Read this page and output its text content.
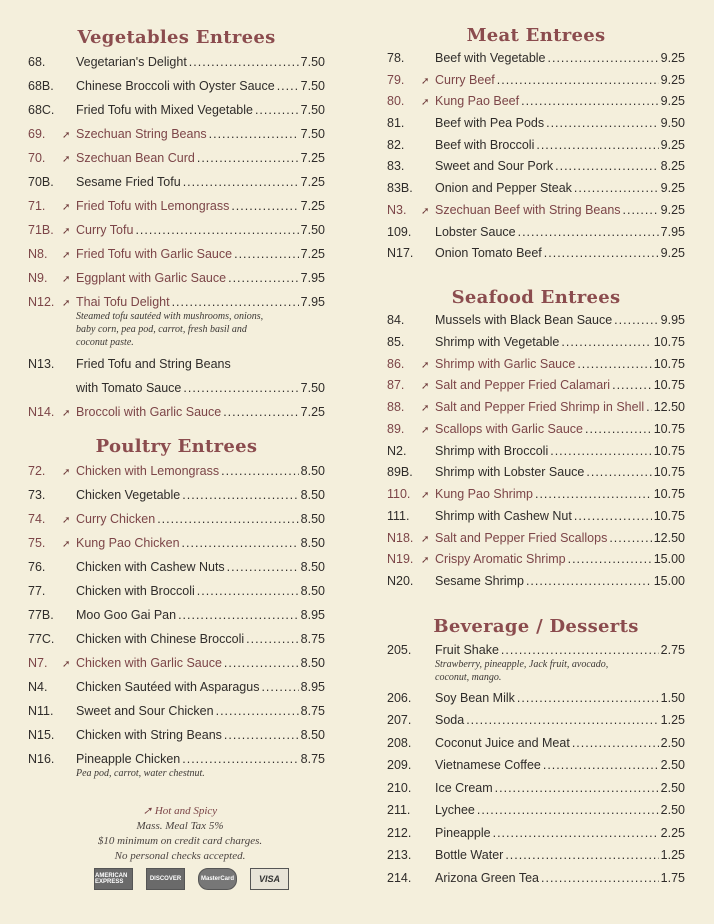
Vegetables Entrees
68.	Vegetarian's Delight .....	7.50
68B.	Chinese Broccoli with Oyster Sauce ..... 7.50
68C.	Fried Tofu with Mixed Vegetable .....	7.50
69.	➚ Szechuan String Beans .....	7.50
70.	➚ Szechuan Bean Curd .....	7.25
70B.	Sesame Fried Tofu .....	7.25
71.	➚ Fried Tofu with Lemongrass .....	7.25
71B. ➚ Curry Tofu .....	7.50
N8.	➚ Fried Tofu with Garlic Sauce .....	7.25
N9.	➚ Eggplant with Garlic Sauce .....	7.95
N12. ➚ Thai Tofu Delight .....	7.95
Steamed tofu sautéed with mushrooms, onions, baby corn, pea pod, carrot, fresh basil and coconut paste.
N13.	Fried Tofu and String Beans
with Tomato Sauce .....	7.50
N14. ➚ Broccoli with Garlic Sauce .....	7.25
Poultry Entrees
72.	➚ Chicken with Lemongrass .....	8.50
73.	Chicken Vegetable .....	8.50
74.	➚ Curry Chicken .....	8.50
75.	➚ Kung Pao Chicken .....	8.50
76.	Chicken with Cashew Nuts .....	8.50
77.	Chicken with Broccoli .....	8.50
77B.	Moo Goo Gai Pan .....	8.95
77C.	Chicken with Chinese Broccoli .....	8.75
N7.	➚ Chicken with Garlic Sauce .....	8.50
N4.	Chicken Sautéed with Asparagus .....	8.95
N11.	Sweet and Sour Chicken .....	8.75
N15.	Chicken with String Beans .....	8.50
N16.	Pineapple Chicken .....	8.75
Pea pod, carrot, water chestnut.
Meat Entrees
78.	Beef with Vegetable .....	9.25
79.	➚ Curry Beef .....	9.25
80.	➚ Kung Pao Beef .....	9.25
81.	Beef with Pea Pods .....	9.50
82.	Beef with Broccoli .....	9.25
83.	Sweet and Sour Pork .....	8.25
83B.	Onion and Pepper Steak .....	9.25
N3.	➚ Szechuan Beef with String Beans .....	9.25
109.	Lobster Sauce .....	7.95
N17.	Onion Tomato Beef .....	9.25
Seafood Entrees
84.	Mussels with Black Bean Sauce .....	9.95
85.	Shrimp with Vegetable .....	10.75
86.	➚ Shrimp with Garlic Sauce .....	10.75
87.	➚ Salt and Pepper Fried Calamari .....	10.75
88.	➚ Salt and Pepper Fried Shrimp in Shell ..... 12.50
89.	➚ Scallops with Garlic Sauce .....	10.75
N2.	Shrimp with Broccoli .....	10.75
89B.	Shrimp with Lobster Sauce .....	10.75
110.	➚ Kung Pao Shrimp .....	10.75
111.	Shrimp with Cashew Nut .....	10.75
N18. ➚ Salt and Pepper Fried Scallops .....	12.50
N19. ➚ Crispy Aromatic Shrimp .....	15.00
N20.	Sesame Shrimp .....	15.00
Beverage / Desserts
205.	Fruit Shake .....	2.75
Strawberry, pineapple, Jack fruit, avocado, coconut, mango.
206.	Soy Bean Milk .....	1.50
207.	Soda .....	1.25
208.	Coconut Juice and Meat .....	2.50
209.	Vietnamese Coffee .....	2.50
210.	Ice Cream .....	2.50
211.	Lychee .....	2.50
212.	Pineapple .....	2.25
213.	Bottle Water .....	1.25
214.	Arizona Green Tea .....	1.75
➚ Hot and Spicy
Mass. Meal Tax 5%
$10 minimum on credit card charges.
No personal checks accepted.
AMERICAN EXPRESS	DISCOVER	MasterCard	VISA
